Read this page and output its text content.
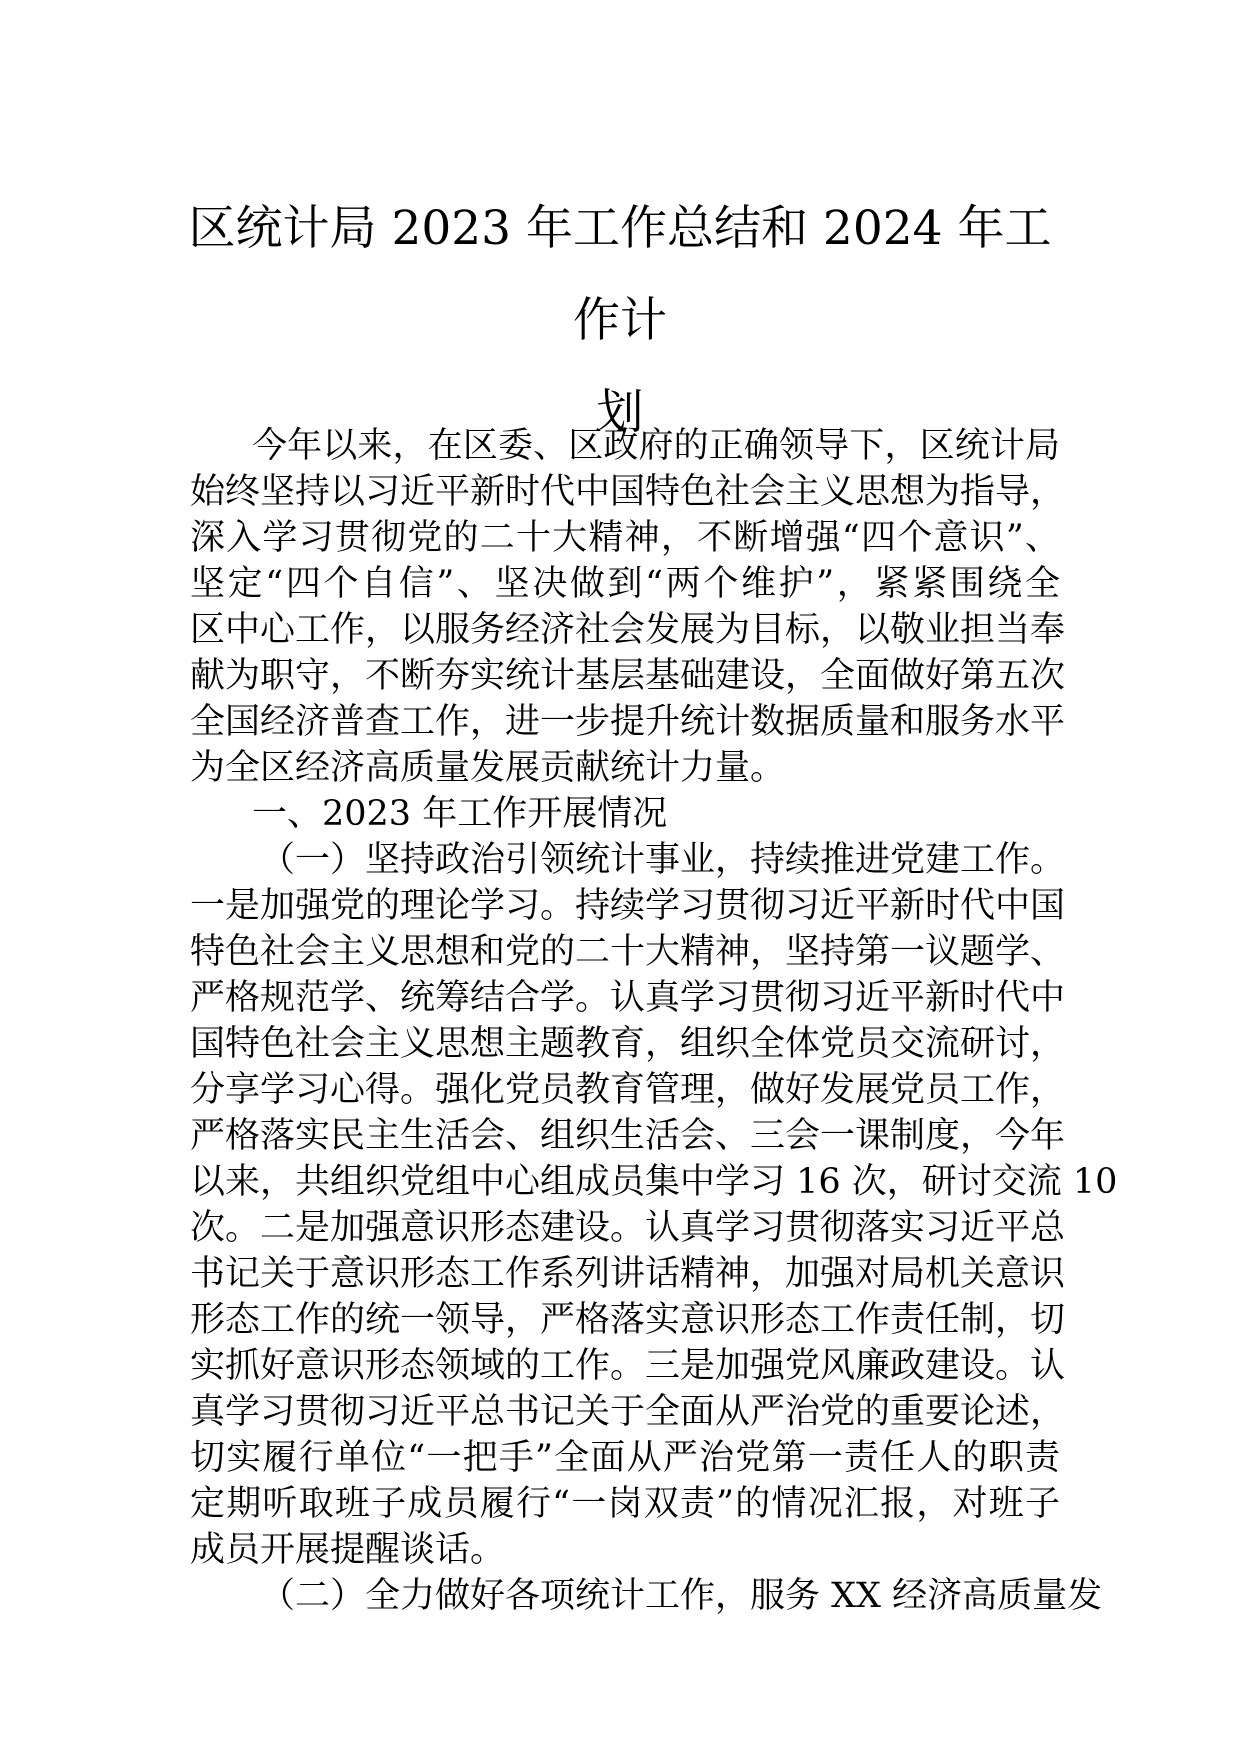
区统计局 2023 年工作总结和 2024 年工作计
划
今年以来，在区委、区政府的正确领导下，区统计局
始终坚持以习近平新时代中国特色社会主义思想为指导，
深入学习贯彻党的二十大精神，不断增强“四个意识”、
坚定“四个自信”、坚决做到“两个维护”，紧紧围绕全
区中心工作，以服务经济社会发展为目标，以敬业担当奉
献为职守，不断夯实统计基层基础建设，全面做好第五次
全国经济普查工作，进一步提升统计数据质量和服务水平
为全区经济高质量发展贡献统计力量。
一、2023 年工作开展情况
（一）坚持政治引领统计事业，持续推进党建工作。
一是加强党的理论学习。持续学习贯彻习近平新时代中国
特色社会主义思想和党的二十大精神，坚持第一议题学、
严格规范学、统筹结合学。认真学习贯彻习近平新时代中
国特色社会主义思想主题教育，组织全体党员交流研讨，
分享学习心得。强化党员教育管理，做好发展党员工作，
严格落实民主生活会、组织生活会、三会一课制度，今年
以来，共组织党组中心组成员集中学习 16 次，研讨交流 10
次。二是加强意识形态建设。认真学习贯彻落实习近平总
书记关于意识形态工作系列讲话精神，加强对局机关意识
形态工作的统一领导，严格落实意识形态工作责任制，切
实抓好意识形态领域的工作。三是加强党风廉政建设。认
真学习贯彻习近平总书记关于全面从严治党的重要论述，
切实履行单位“一把手”全面从严治党第一责任人的职责
定期听取班子成员履行“一岗双责”的情况汇报，对班子
成员开展提醒谈话。
（二）全力做好各项统计工作，服务 XX 经济高质量发
